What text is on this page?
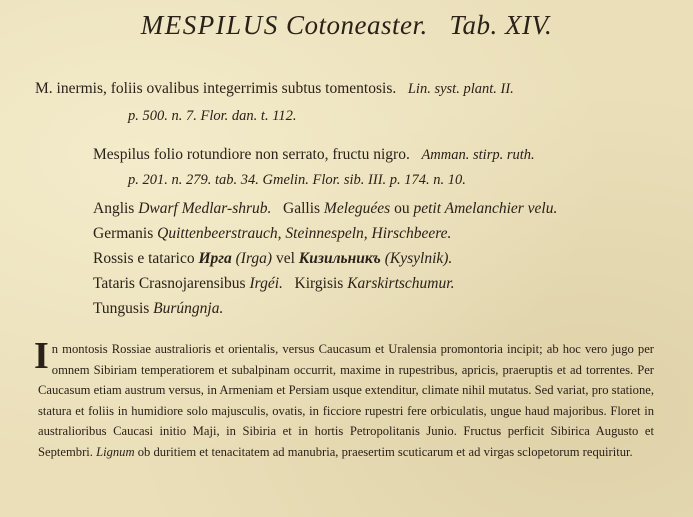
MESPILUS Cotoneaster. Tab. XIV.
M. inermis, foliis ovalibus integerrimis subtus tomentosis. Lin. syst. plant. II.
p. 500. n. 7. Flor. dan. t. 112.
Mespilus folio rotundiore non serrato, fructu nigro. Amman. stirp. ruth.
p. 201. n. 279. tab. 34. Gmelin. Flor. sib. III. p. 174. n. 10.
Anglis Dwarf Medlar-shrub. Gallis Meleguées ou petit Amelanchier velu.
Germanis Quittenbeerstrauch, Steinnespeln, Hirschbeere.
Rossis e tatarico Ирга (Irga) vel Кизильникъ (Kysylnik).
Tataris Crasnojarensibus Irgéi. Kirgisis Karskirtschumur.
Tungusis Burúngnja.
In montosis Rossiae australioris et orientalis, versus Caucasum et Uralensia promontoria incipit; ab hoc vero jugo per omnem Sibiriam temperatiorem et subalpinam occurrit, maxime in rupestribus, apricis, praeruptis et ad torrentes. Per Caucasum etiam austrum versus, in Armeniam et Persiam usque extenditur, climate nihil mutatus. Sed variat, pro statione, statura et foliis in humidiore solo majusculis, ovatis, in ficciore rupestri fere orbiculatis, ungue haud majoribus. Floret in australioribus Caucasi initio Maji, in Sibiria et in hortis Petropolitanis Junio. Fructus perficit Sibirica Augusto et Septembri. Lignum ob duritiem et tenacitatem ad manubria, praesertim scuticarum et ad virgas sclopetorum requiritur.
